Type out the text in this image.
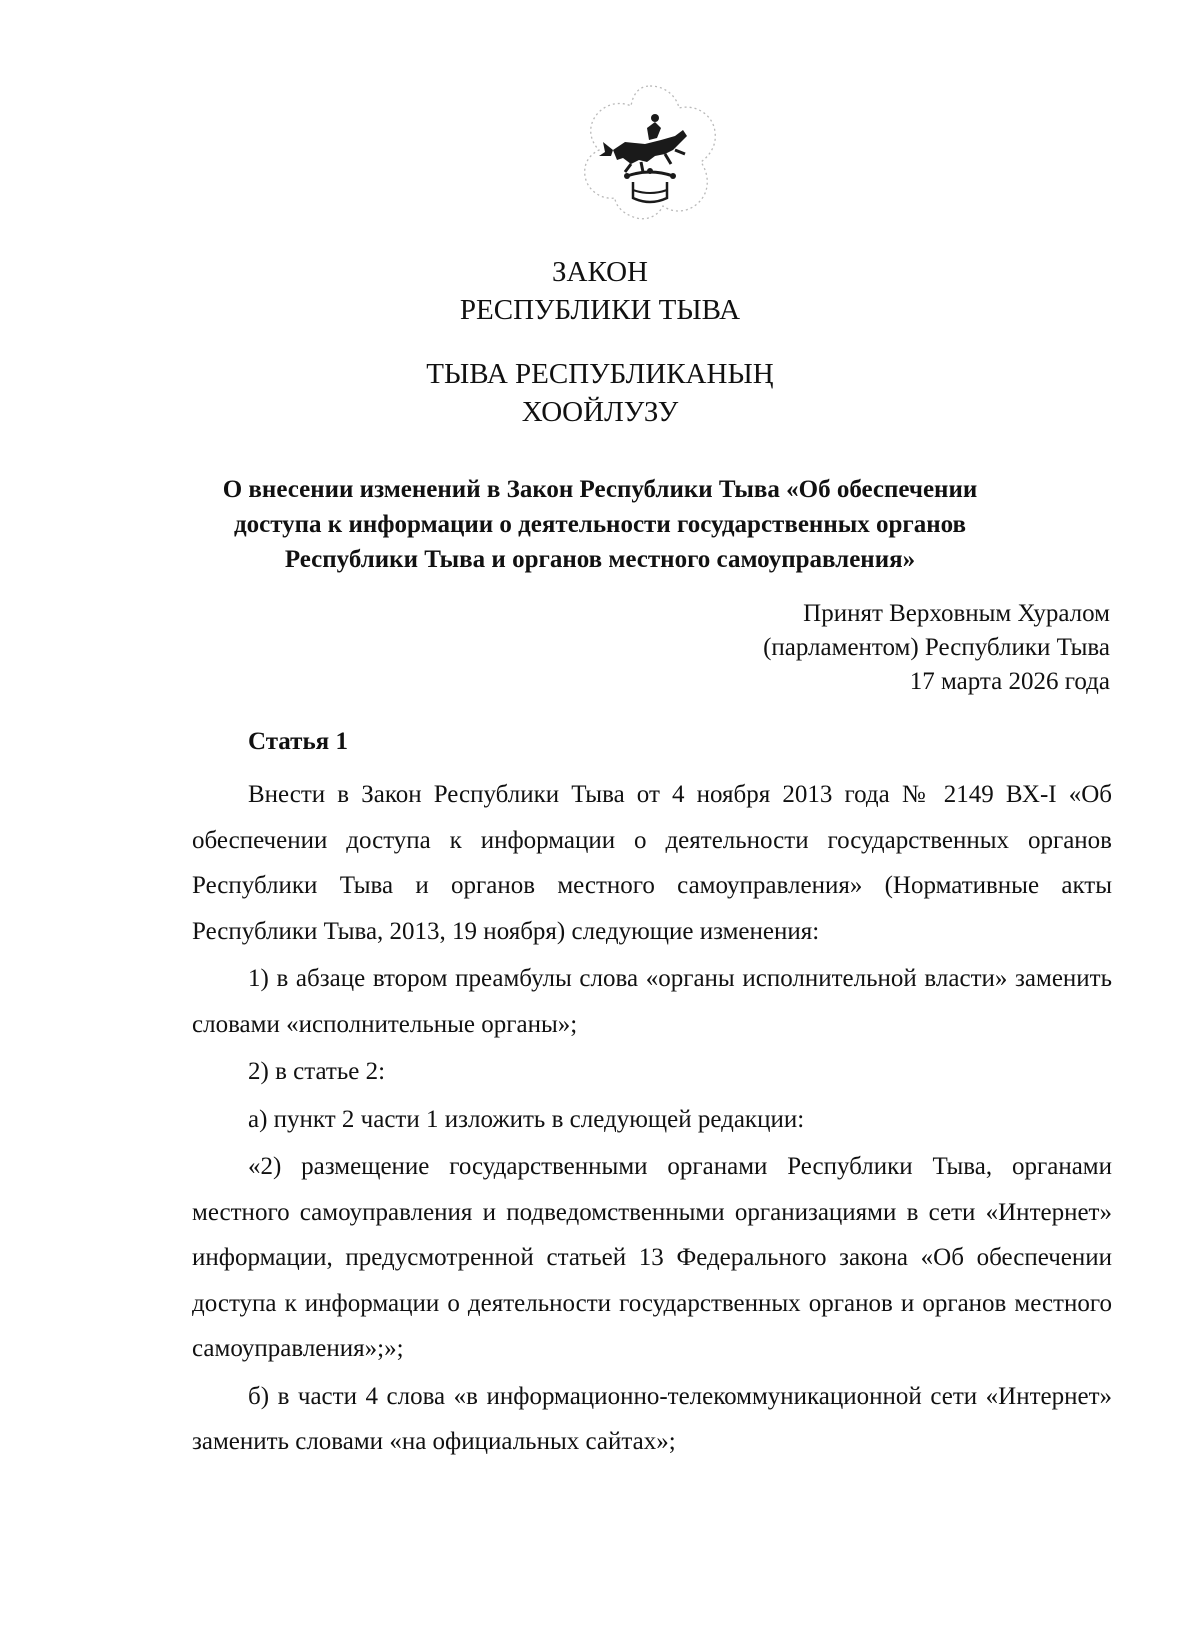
ЗАКОН
РЕСПУБЛИКИ ТЫВА
ТЫВА РЕСПУБЛИКАНЫҢ
ХООЙЛУЗУ
О внесении изменений в Закон Республики Тыва «Об обеспечении
доступа к информации о деятельности государственных органов
Республики Тыва и органов местного самоуправления»
Принят Верховным Хуралом
(парламентом) Республики Тыва
17 марта 2026 года
Статья 1

Внести в Закон Республики Тыва от 4 ноября 2013 года № 2149 ВХ-I «Об обеспечении доступа к информации о деятельности государственных органов Республики Тыва и органов местного самоуправления» (Нормативные акты Республики Тыва, 2013, 19 ноября) следующие изменения:

1) в абзаце втором преамбулы слова «органы исполнительной власти» заменить словами «исполнительные органы»;

2) в статье 2:

а) пункт 2 части 1 изложить в следующей редакции:

«2) размещение государственными органами Республики Тыва, органами местного самоуправления и подведомственными организациями в сети «Интернет» информации, предусмотренной статьей 13 Федерального закона «Об обеспечении доступа к информации о деятельности государственных органов и органов местного самоуправления»;»;

б) в части 4 слова «в информационно-телекоммуникационной сети «Интернет» заменить словами «на официальных сайтах»;
